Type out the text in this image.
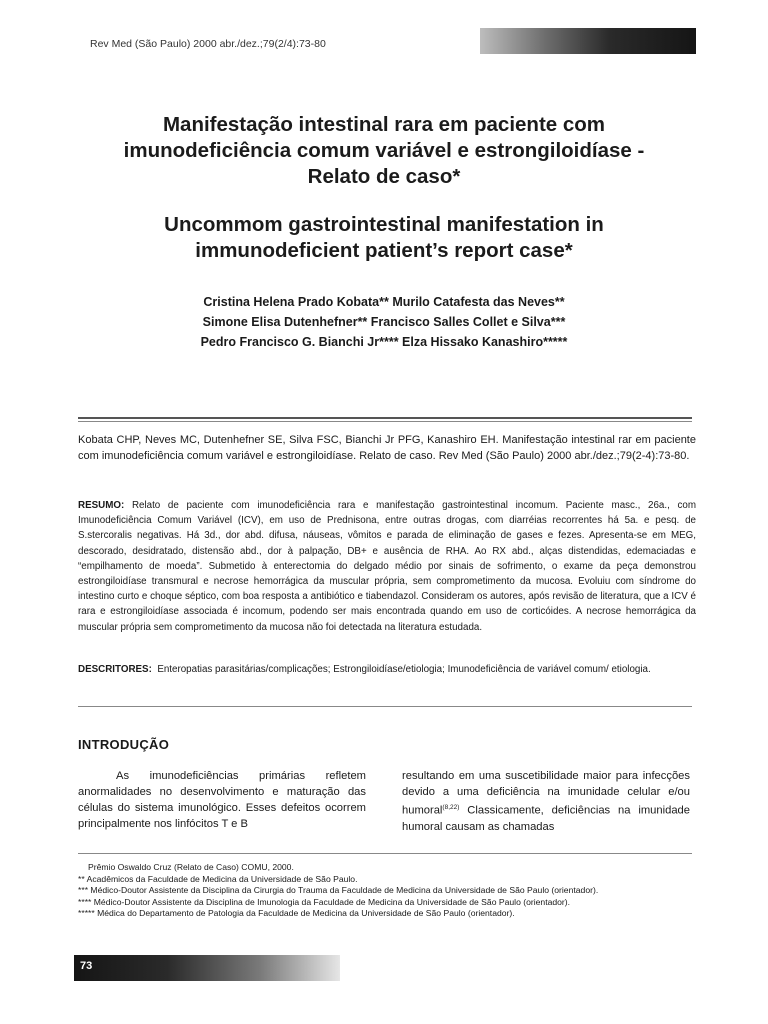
Rev Med (São Paulo) 2000 abr./dez.;79(2/4):73-80
Manifestação intestinal rara em paciente com
imunodeficiência comum variável e estrongiloidíase -
Relato de caso*
Uncommom gastrointestinal manifestation in
immunodeficient patient’s report case*
Cristina Helena Prado Kobata** Murilo Catafesta das Neves**
Simone Elisa Dutenhefner** Francisco Salles Collet e Silva***
Pedro Francisco G. Bianchi Jr**** Elza Hissako Kanashiro*****
Kobata CHP, Neves MC, Dutenhefner SE, Silva FSC, Bianchi Jr PFG, Kanashiro EH. Manifestação intestinal rar em paciente com imunodeficiência comum variável e estrongiloidíase. Relato de caso. Rev Med (São Paulo) 2000 abr./dez.;79(2-4):73-80.
RESUMO: Relato de paciente com imunodeficiência rara e manifestação gastrointestinal incomum. Paciente masc., 26a., com Imunodeficiência Comum Variável (ICV), em uso de Prednisona, entre outras drogas, com diarréias recorrentes há 5a. e pesq. de S.stercoralis negativas. Há 3d., dor abd. difusa, náuseas, vômitos e parada de eliminação de gases e fezes. Apresenta-se em MEG, descorado, desidratado, distensão abd., dor à palpação, DB+ e ausência de RHA. Ao RX abd., alças distendidas, edemaciadas e “empilhamento de moeda”. Submetido à enterectomia do delgado médio por sinais de sofrimento, o exame da peça demonstrou estrongiloidíase transmural e necrose hemorrágica da muscular própria, sem comprometimento da mucosa. Evoluiu com síndrome do intestino curto e choque séptico, com boa resposta a antibiótico e tiabendazol. Consideram os autores, após revisão de literatura, que a ICV é rara e estrongiloidíase associada é incomum, podendo ser mais encontrada quando em uso de corticóides. A necrose hemorrágica da muscular própria sem comprometimento da mucosa não foi detectada na literatura estudada.
DESCRITORES: Enteropatias parasitárias/complicações; Estrongiloidíase/etiologia; Imunodeficiência de variável comum/ etiologia.
INTRODUÇÃO
As imunodeficiências primárias refletem anormalidades no desenvolvimento e maturação das células do sistema imunológico. Esses defeitos ocorrem principalmente nos linfócitos T e B
resultando em uma suscetibilidade maior para infecções devido a uma deficiência na imunidade celular e/ou humoral$^{(8,22)}$ Classicamente, deficiências na imunidade humoral causam as chamadas
Prêmio Oswaldo Cruz (Relato de Caso) COMU, 2000.
** Acadêmicos da Faculdade de Medicina da Universidade de São Paulo.
*** Médico-Doutor Assistente da Disciplina da Cirurgia do Trauma da Faculdade de Medicina da Universidade de São Paulo (orientador).
**** Médico-Doutor Assistente da Disciplina de Imunologia da Faculdade de Medicina da Universidade de São Paulo (orientador).
***** Médica do Departamento de Patologia da Faculdade de Medicina da Universidade de São Paulo (orientador).
73
